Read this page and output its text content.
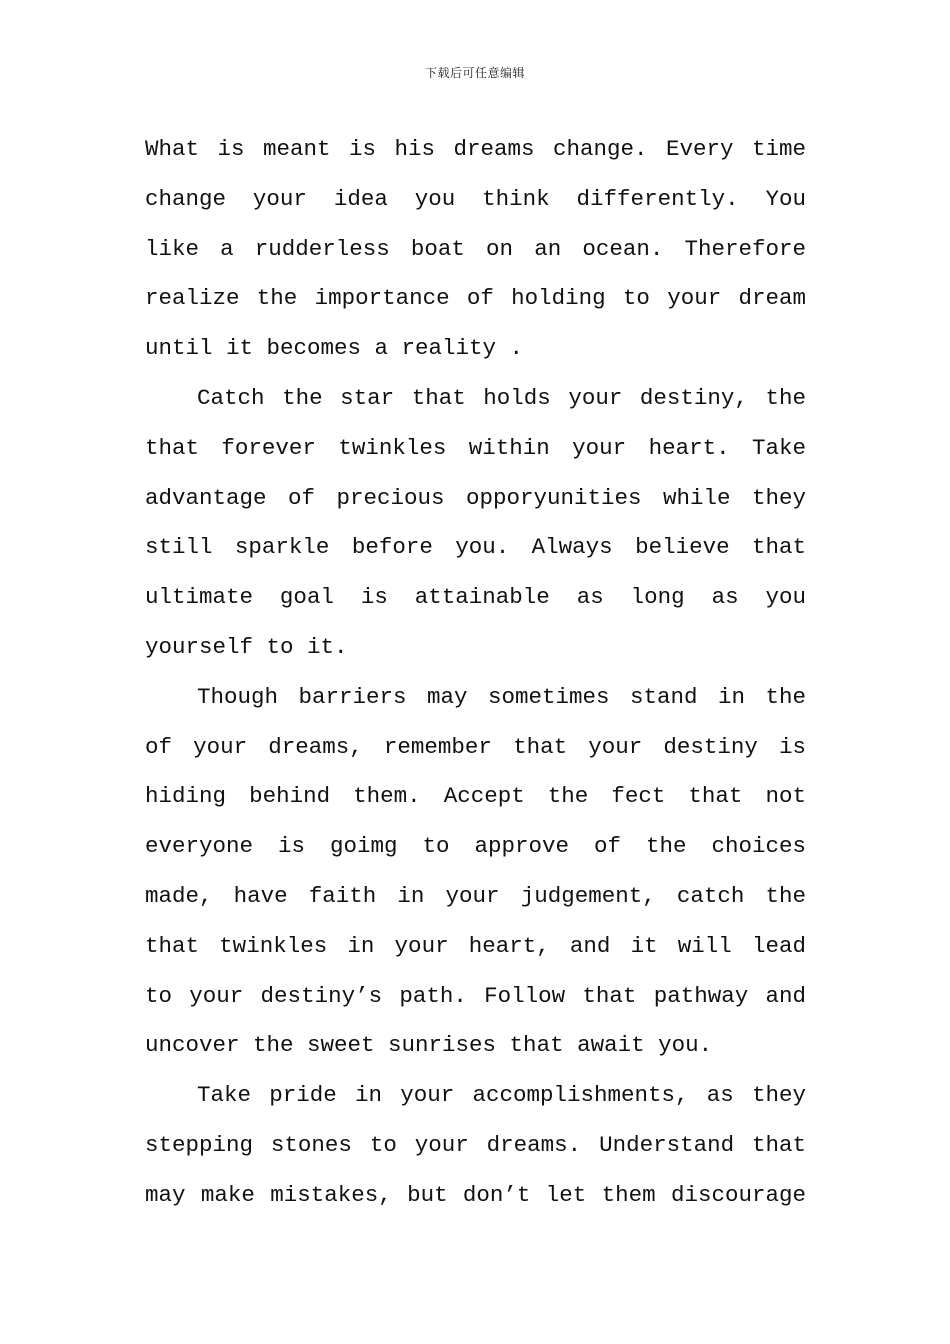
下载后可任意编辑
What is meant is his dreams change. Every time
change your idea you think differently. You
like a rudderless boat on an ocean. Therefore
realize the importance of holding to your dream
until it becomes a reality .
Catch the star that holds your destiny, the
that forever twinkles within your heart. Take
advantage of precious opporyunities while they
still sparkle before you. Always believe that
ultimate goal is attainable as long as you
yourself to it.
Though barriers may sometimes stand in the
of your dreams, remember that your destiny is
hiding behind them. Accept the fect that not
everyone is goimg to approve of the choices
made, have faith in your judgement, catch the
that twinkles in your heart, and it will lead
to your destiny’s path. Follow that pathway and
uncover the sweet sunrises that await you.
Take pride in your accomplishments, as they
stepping stones to your dreams. Understand that
may make mistakes, but don’t let them discourage
